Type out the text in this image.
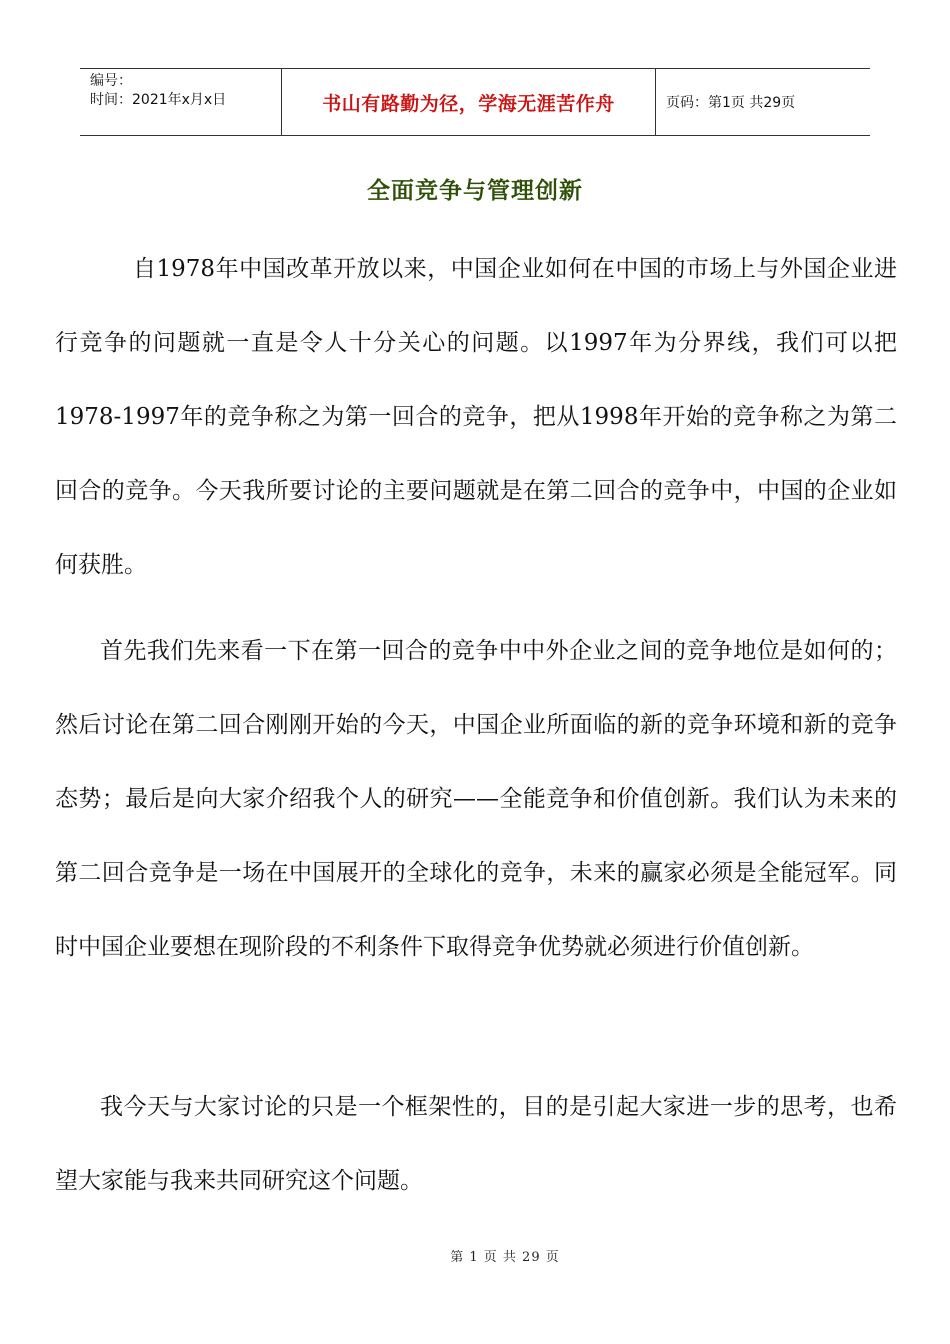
编号：
时间：2021年x月x日	书山有路勤为径，学海无涯苦作舟	页码：第1页 共29页
全面竞争与管理创新

自1978年中国改革开放以来，中国企业如何在中国的市场上与外国企业进行竞争的问题就一直是令人十分关心的问题。以1997年为分界线，我们可以把1978-1997年的竞争称之为第一回合的竞争，把从1998年开始的竞争称之为第二回合的竞争。今天我所要讨论的主要问题就是在第二回合的竞争中，中国的企业如何获胜。

首先我们先来看一下在第一回合的竞争中中外企业之间的竞争地位是如何的；然后讨论在第二回合刚刚开始的今天，中国企业所面临的新的竞争环境和新的竞争态势；最后是向大家介绍我个人的研究——全能竞争和价值创新。我们认为未来的第二回合竞争是一场在中国展开的全球化的竞争，未来的赢家必须是全能冠军。同时中国企业要想在现阶段的不利条件下取得竞争优势就必须进行价值创新。

我今天与大家讨论的只是一个框架性的，目的是引起大家进一步的思考，也希望大家能与我来共同研究这个问题。

第 1 页 共 29 页
